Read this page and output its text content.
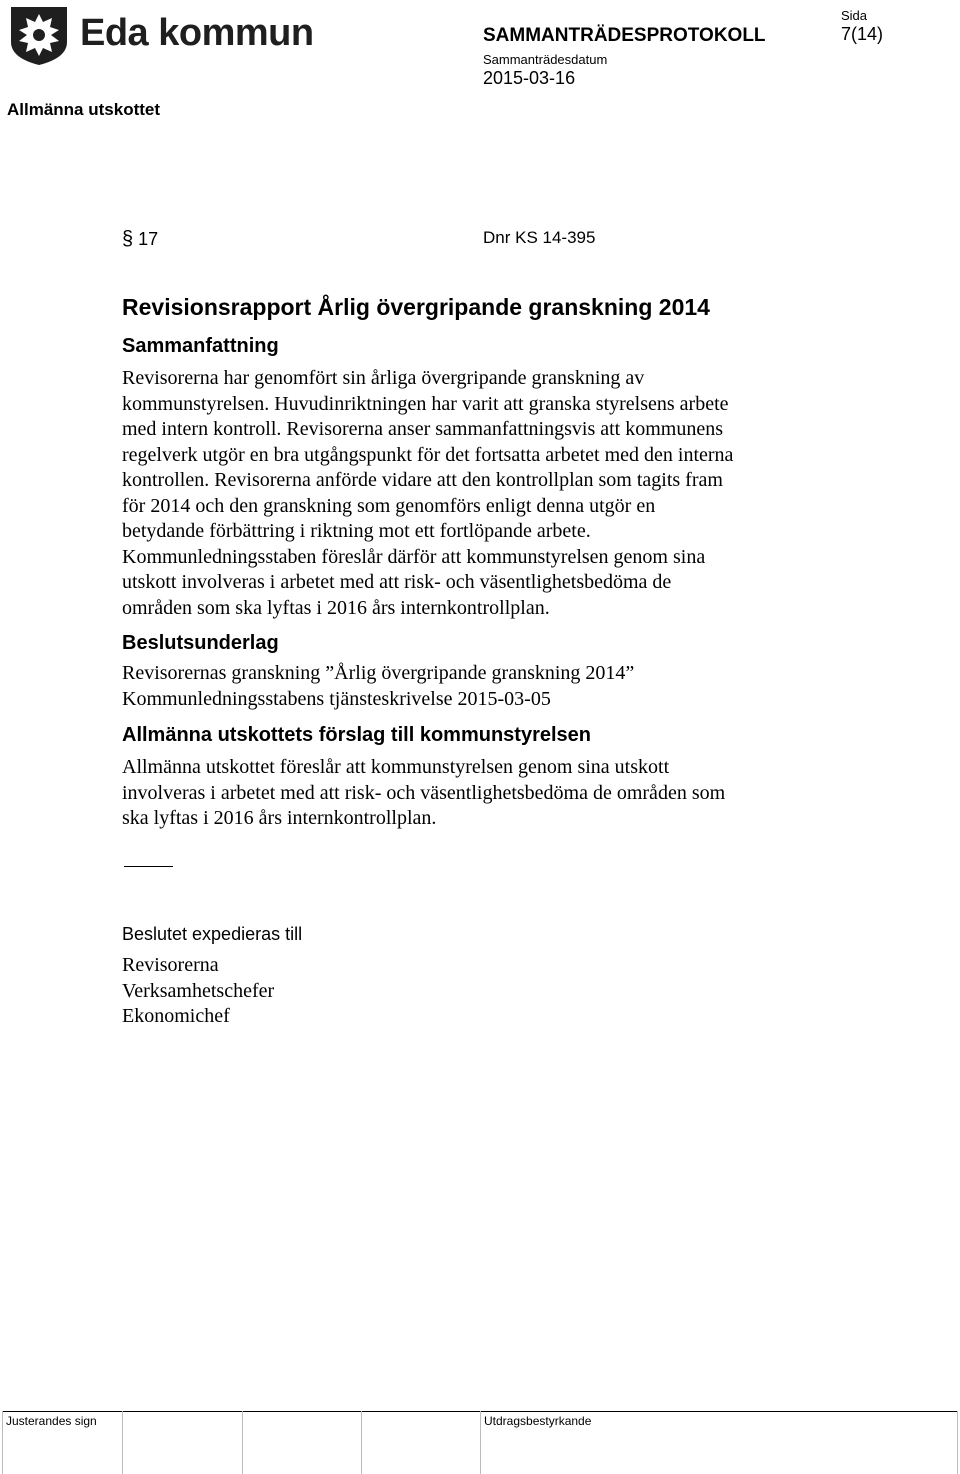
Eda kommun	SAMMANTRÄDESPROTOKOLL
Sammanträdesdatum
2015-03-16
Sida
7(14)
Allmänna utskottet
§ 17	Dnr KS 14-395
Revisionsrapport Årlig övergripande granskning 2014
Sammanfattning
Revisorerna har genomfört sin årliga övergripande granskning av
kommunstyrelsen. Huvudinriktningen har varit att granska styrelsens arbete
med intern kontroll. Revisorerna anser sammanfattningsvis att kommunens
regelverk utgör en bra utgångspunkt för det fortsatta arbetet med den interna
kontrollen. Revisorerna anförde vidare att den kontrollplan som tagits fram
för 2014 och den granskning som genomförs enligt denna utgör en
betydande förbättring i riktning mot ett fortlöpande arbete.
Kommunledningsstaben föreslår därför att kommunstyrelsen genom sina
utskott involveras i arbetet med att risk- och väsentlighetsbedöma de
områden som ska lyftas i 2016 års internkontrollplan.
Beslutsunderlag
Revisorernas granskning ”Årlig övergripande granskning 2014”
Kommunledningsstabens tjänsteskrivelse 2015-03-05
Allmänna utskottets förslag till kommunstyrelsen
Allmänna utskottet föreslår att kommunstyrelsen genom sina utskott
involveras i arbetet med att risk- och väsentlighetsbedöma de områden som
ska lyftas i 2016 års internkontrollplan.
Beslutet expedieras till
Revisorerna
Verksamhetschefer
Ekonomichef
Justerandes sign	Utdragsbestyrkande
